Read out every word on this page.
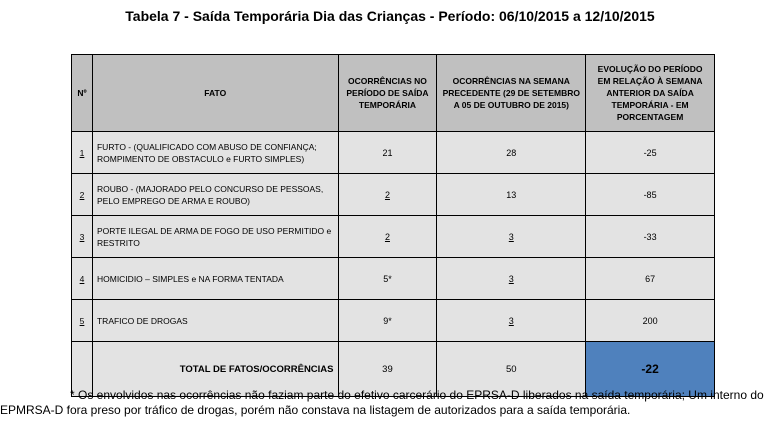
Tabela 7 - Saída Temporária Dia das Crianças - Período: 06/10/2015 a 12/10/2015
Nº	FATO	OCORRÊNCIAS NO PERÍODO DE SAÍDA TEMPORÁRIA	OCORRÊNCIAS NA SEMANA PRECEDENTE (29 DE SETEMBRO A 05 DE OUTUBRO DE 2015)	EVOLUÇÃO DO PERÍODO EM RELAÇÃO À SEMANA ANTERIOR DA SAÍDA TEMPORÁRIA - EM PORCENTAGEM
1	FURTO - (QUALIFICADO COM ABUSO DE CONFIANÇA; ROMPIMENTO DE OBSTACULO e FURTO SIMPLES)	21	28	-25
2	ROUBO - (MAJORADO PELO CONCURSO DE PESSOAS, PELO EMPREGO DE ARMA E ROUBO)	2	13	-85
3	PORTE ILEGAL DE ARMA DE FOGO DE USO PERMITIDO e RESTRITO	2	3	-33
4	HOMICIDIO – SIMPLES e NA FORMA TENTADA	5*	3	67
5	TRAFICO DE DROGAS	9*	3	200
	TOTAL DE FATOS/OCORRÊNCIAS	39	50	-22
* Os envolvidos nas ocorrências não faziam parte do efetivo carcerário do EPRSA-D liberados na saída temporária; Um interno do
EPMRSA-D fora preso por tráfico de drogas, porém não constava na listagem de autorizados para a saída temporária.
